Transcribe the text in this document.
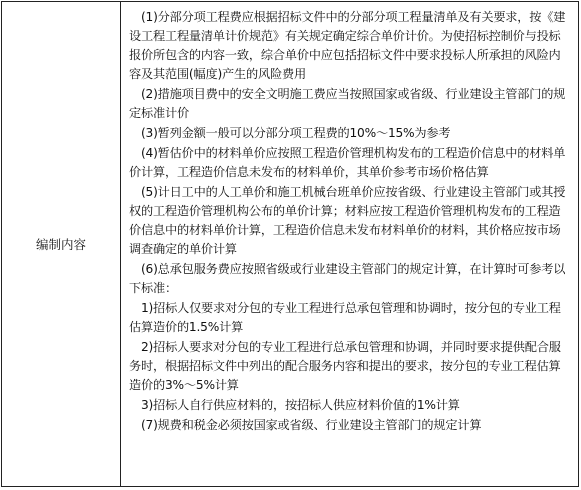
编制内容	

(1)分部分项工程费应根据招标文件中的分部分项工程量清单及有关要求，按《建设工程工程量清单计价规范》有关规定确定综合单价计价。为使招标控制价与投标报价所包含的内容一致，综合单价中应包括招标文件中要求投标人所承担的风险内容及其范围(幅度)产生的风险费用

(2)措施项目费中的安全文明施工费应当按照国家或省级、行业建设主管部门的规定标准计价

(3)暂列金额一般可以分部分项工程费的10%～15%为参考

(4)暂估价中的材料单价应按照工程造价管理机构发布的工程造价信息中的材料单价计算，工程造价信息未发布的材料单价，其单价参考市场价格估算

(5)计日工中的人工单价和施工机械台班单价应按省级、行业建设主管部门或其授权的工程造价管理机构公布的单价计算；材料应按工程造价管理机构发布的工程造价信息中的材料单价计算，工程造价信息未发布材料单价的材料，其价格应按市场调查确定的单价计算

(6)总承包服务费应按照省级或行业建设主管部门的规定计算，在计算时可参考以下标准：

1)招标人仅要求对分包的专业工程进行总承包管理和协调时，按分包的专业工程估算造价的1.5%计算

2)招标人要求对分包的专业工程进行总承包管理和协调，并同时要求提供配合服务时，根据招标文件中列出的配合服务内容和提出的要求，按分包的专业工程估算造价的3%～5%计算

3)招标人自行供应材料的，按招标人供应材料价值的1%计算

(7)规费和税金必须按国家或省级、行业建设主管部门的规定计算
